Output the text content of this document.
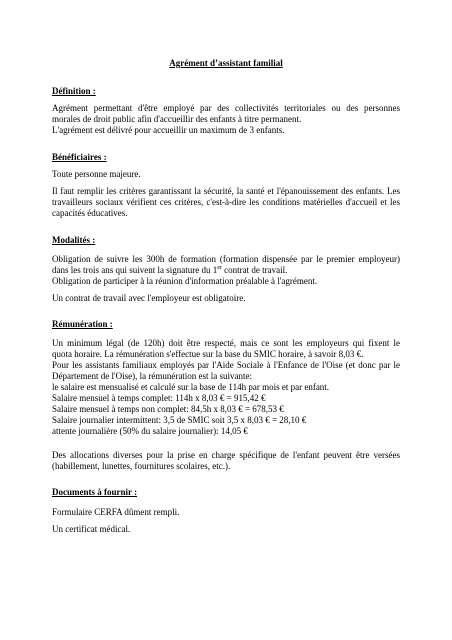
Agrément d’assistant familial
Définition :
Agrément permettant d'être employé par des collectivités territoriales ou des personnes
morales de droit public afin d'accueillir des enfants à titre permanent.
L'agrément est délivré pour accueillir un maximum de 3 enfants.
Bénéficiaires :
Toute personne majeure.
Il faut remplir les critères garantissant la sécurité, la santé et l'épanouissement des enfants. Les
travailleurs sociaux vérifient ces critères, c'est-à-dire les conditions matérielles d'accueil et les
capacités éducatives.
Modalités :
Obligation de suivre les 300h de formation (formation dispensée par le premier employeur)
dans les trois ans qui suivent la signature du 1er contrat de travail.
Obligation de participer à la réunion d'information préalable à l'agrément.
Un contrat de travail avec l'employeur est obligatoire.
Rémunération :
Un minimum légal (de 120h) doit être respecté, mais ce sont les employeurs qui fixent le
quota horaire. La rémunération s'effectue sur la base du SMIC horaire, à savoir 8,03 €.
Pour les assistants familiaux employés par l'Aide Sociale à l'Enfance de l'Oise (et donc par le
Département de l'Oise), la rémunération est la suivante:
le salaire est mensualisé et calculé sur la base de 114h par mois et par enfant.
Salaire mensuel à temps complet: 114h x 8,03 € = 915,42 €
Salaire mensuel à temps non complet: 84,5h x 8,03 € = 678,53 €
Salaire journalier intermittent: 3,5 de SMIC soit 3,5 x 8,03 € = 28,10 €
attente journalière (50% du salaire journalier): 14,05 €
Des allocations diverses pour la prise en charge spécifique de l'enfant peuvent être versées
(habillement, lunettes, fournitures scolaires, etc.).
Documents à fournir :
Formulaire CERFA dûment rempli.
Un certificat médical.
